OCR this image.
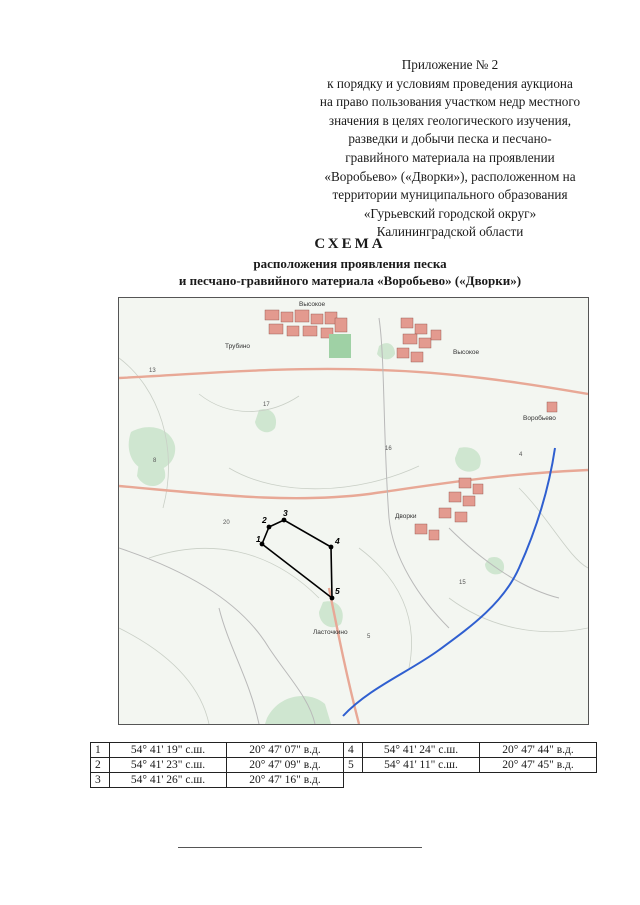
Приложение № 2
к порядку и условиям проведения аукциона
на право пользования участком недр местного
значения в целях геологического изучения,
разведки и добычи песка и песчано-
гравийного материала на проявлении
«Воробьево» («Дворки»), расположенном на
территории муниципального образования
«Гурьевский городской округ»
Калининградской области
СХЕМА
расположения проявления песка
и песчано-гравийного материала «Воробьево» («Дворки»)
1
2
3
4
5
Трубино
Высокое
Высокое
Воробьево
Дворки
Ласточкино
13
17
16
8
20
4
15
5
1	54° 41' 19" с.ш.	20° 47' 07" в.д.	4	54° 41' 24" с.ш.	20° 47' 44" в.д.
2	54° 41' 23" с.ш.	20° 47' 09" в.д.	5	54° 41' 11" с.ш.	20° 47' 45" в.д.
3	54° 41' 26" с.ш.	20° 47' 16" в.д.			
